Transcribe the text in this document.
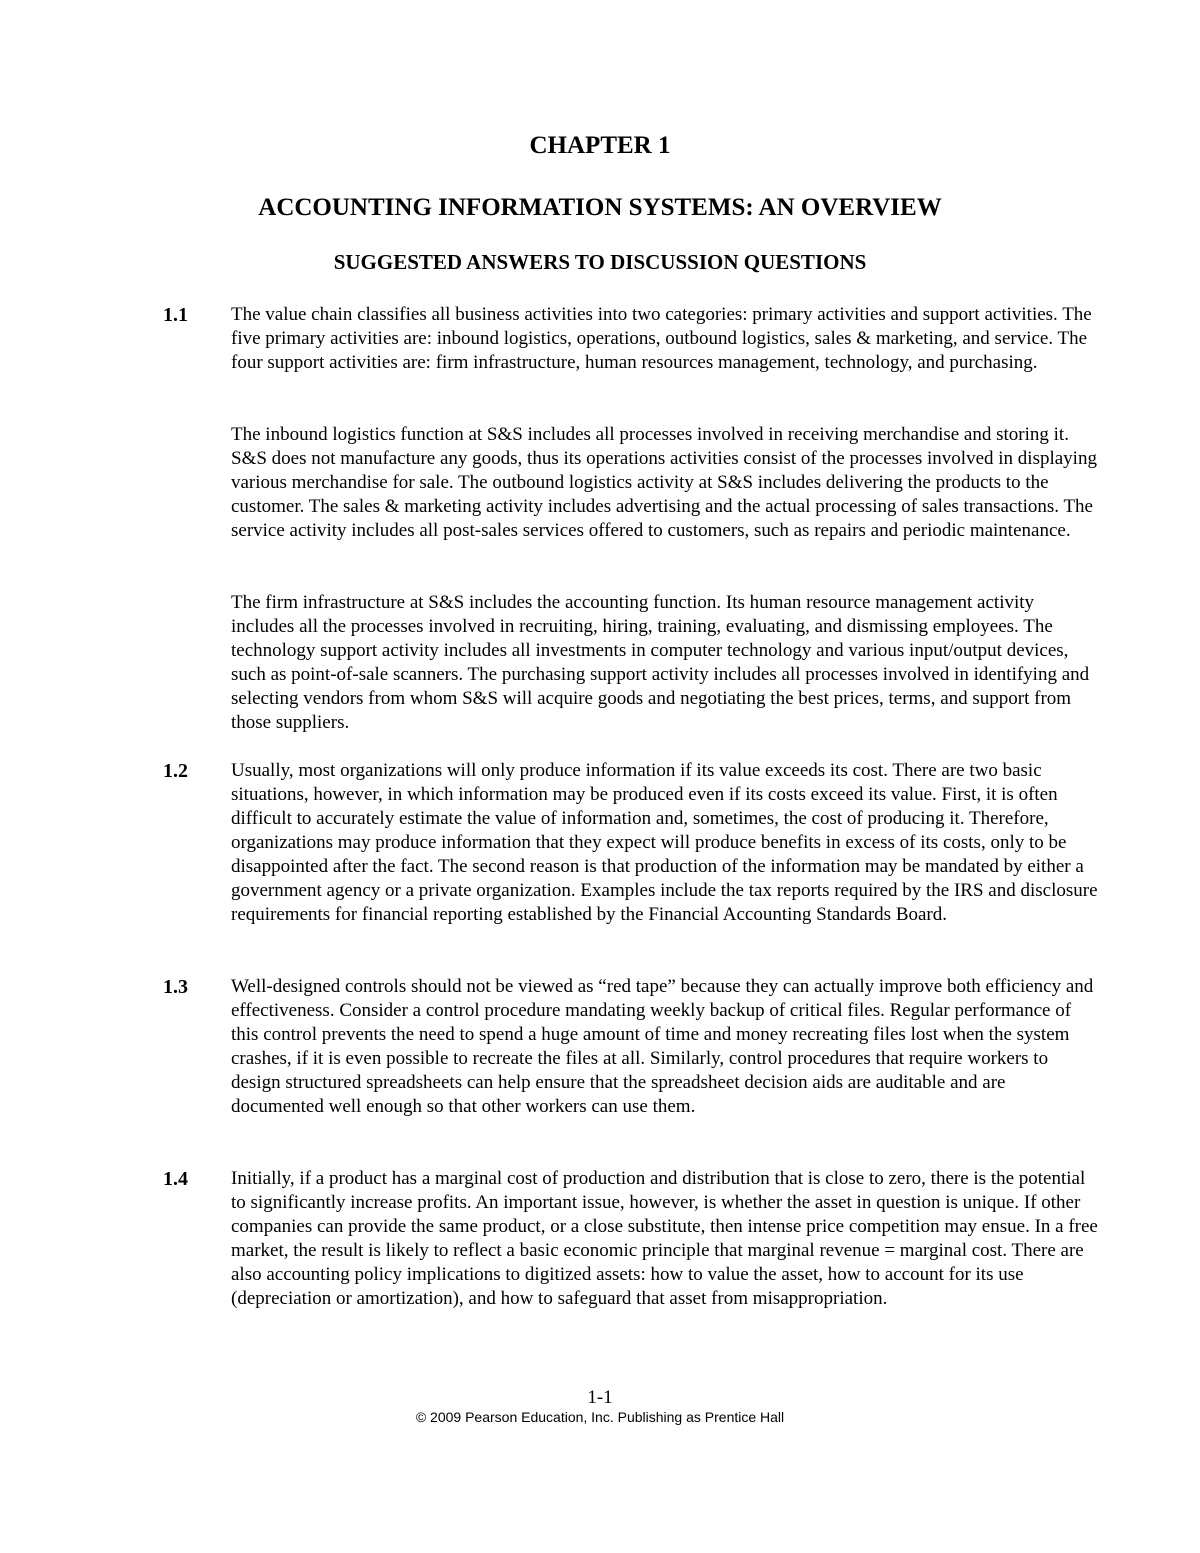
CHAPTER 1
ACCOUNTING INFORMATION SYSTEMS: AN OVERVIEW
SUGGESTED ANSWERS TO DISCUSSION QUESTIONS
1.1 The value chain classifies all business activities into two categories: primary activities and support activities. The five primary activities are: inbound logistics, operations, outbound logistics, sales & marketing, and service. The four support activities are: firm infrastructure, human resources management, technology, and purchasing.

The inbound logistics function at S&S includes all processes involved in receiving merchandise and storing it. S&S does not manufacture any goods, thus its operations activities consist of the processes involved in displaying various merchandise for sale. The outbound logistics activity at S&S includes delivering the products to the customer. The sales & marketing activity includes advertising and the actual processing of sales transactions. The service activity includes all post-sales services offered to customers, such as repairs and periodic maintenance.

The firm infrastructure at S&S includes the accounting function. Its human resource management activity includes all the processes involved in recruiting, hiring, training, evaluating, and dismissing employees. The technology support activity includes all investments in computer technology and various input/output devices, such as point-of-sale scanners. The purchasing support activity includes all processes involved in identifying and selecting vendors from whom S&S will acquire goods and negotiating the best prices, terms, and support from those suppliers.

1.2 Usually, most organizations will only produce information if its value exceeds its cost. There are two basic situations, however, in which information may be produced even if its costs exceed its value. First, it is often difficult to accurately estimate the value of information and, sometimes, the cost of producing it. Therefore, organizations may produce information that they expect will produce benefits in excess of its costs, only to be disappointed after the fact. The second reason is that production of the information may be mandated by either a government agency or a private organization. Examples include the tax reports required by the IRS and disclosure requirements for financial reporting established by the Financial Accounting Standards Board.

1.3 Well-designed controls should not be viewed as “red tape” because they can actually improve both efficiency and effectiveness. Consider a control procedure mandating weekly backup of critical files. Regular performance of this control prevents the need to spend a huge amount of time and money recreating files lost when the system crashes, if it is even possible to recreate the files at all. Similarly, control procedures that require workers to design structured spreadsheets can help ensure that the spreadsheet decision aids are auditable and are documented well enough so that other workers can use them.

1.4 Initially, if a product has a marginal cost of production and distribution that is close to zero, there is the potential to significantly increase profits. An important issue, however, is whether the asset in question is unique. If other companies can provide the same product, or a close substitute, then intense price competition may ensue. In a free market, the result is likely to reflect a basic economic principle that marginal revenue = marginal cost. There are also accounting policy implications to digitized assets: how to value the asset, how to account for its use (depreciation or amortization), and how to safeguard that asset from misappropriation.

1-1
© 2009 Pearson Education, Inc. Publishing as Prentice Hall
